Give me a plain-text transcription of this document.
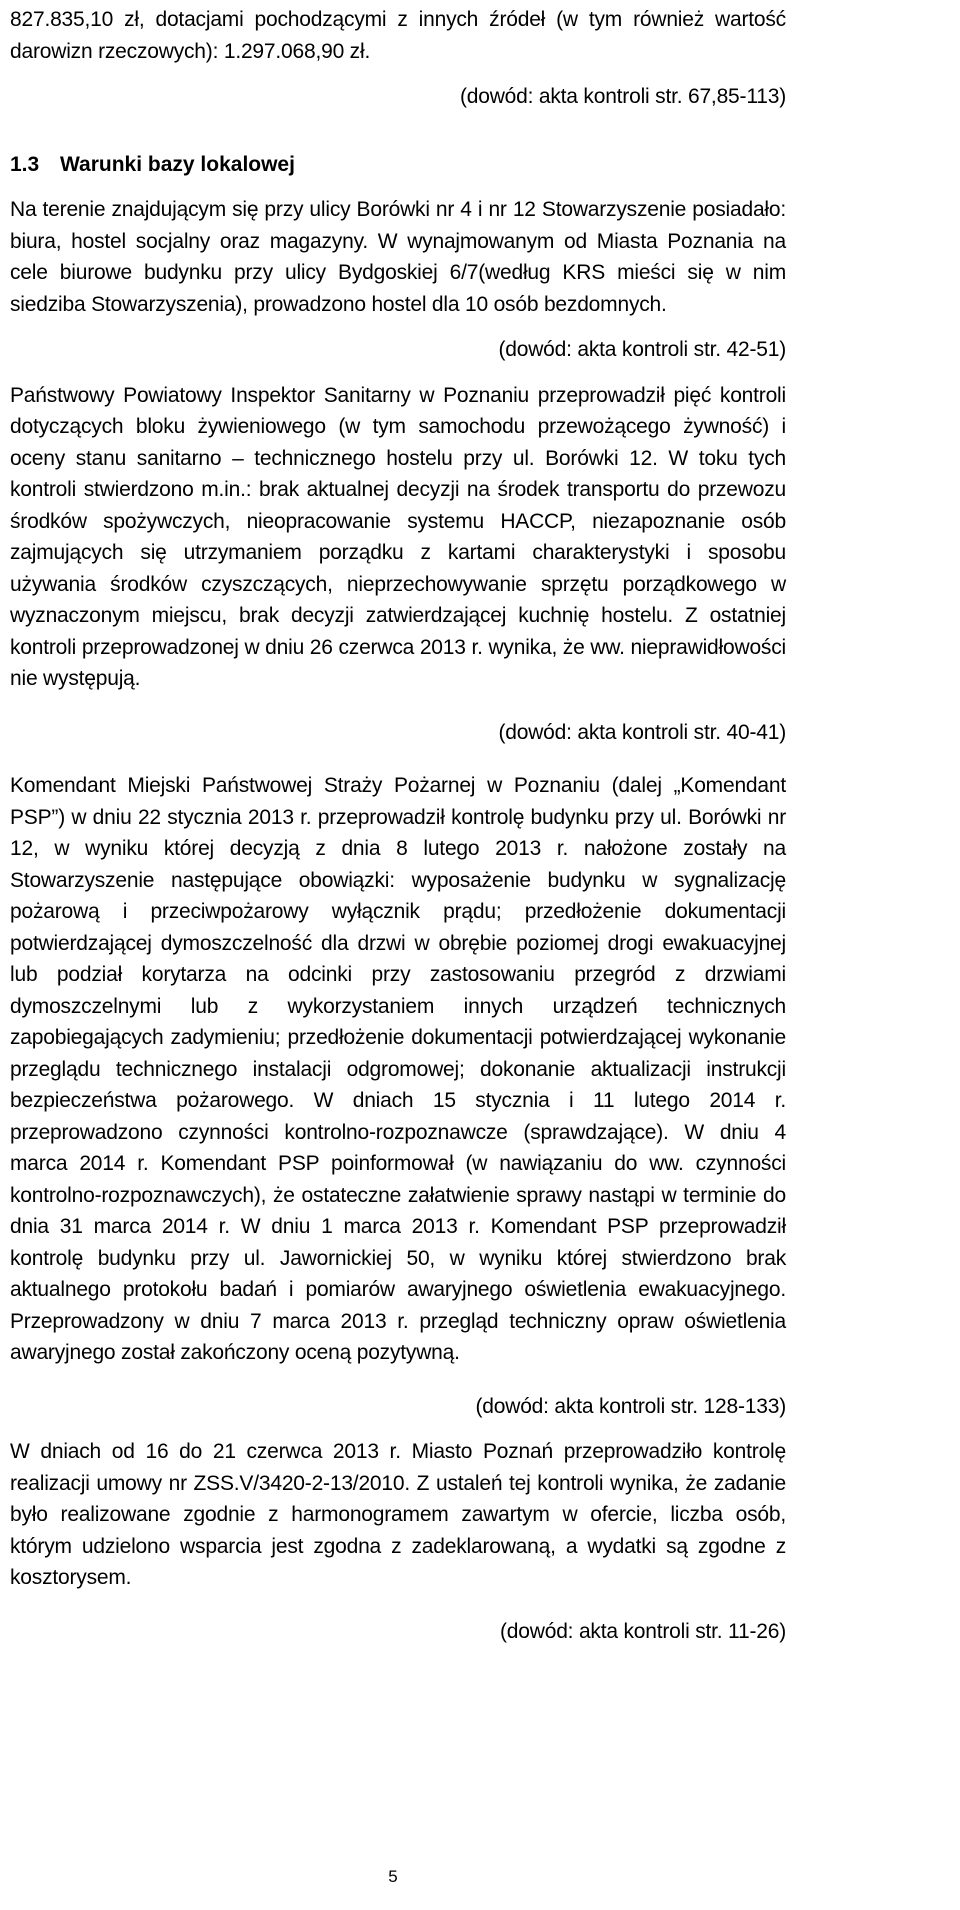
827.835,10 zł, dotacjami pochodzącymi z innych źródeł (w tym również wartość darowizn rzeczowych): 1.297.068,90 zł.

(dowód: akta kontroli str. 67,85-113)

1.3 Warunki bazy lokalowej

Na terenie znajdującym się przy ulicy Borówki nr 4 i nr 12 Stowarzyszenie posiadało: biura, hostel socjalny oraz magazyny. W wynajmowanym od Miasta Poznania na cele biurowe budynku przy ulicy Bydgoskiej 6/7(według KRS mieści się w nim siedziba Stowarzyszenia), prowadzono hostel dla 10 osób bezdomnych.

(dowód: akta kontroli str. 42-51)

Państwowy Powiatowy Inspektor Sanitarny w Poznaniu przeprowadził pięć kontroli dotyczących bloku żywieniowego (w tym samochodu przewożącego żywność) i oceny stanu sanitarno – technicznego hostelu przy ul. Borówki 12. W toku tych kontroli stwierdzono m.in.: brak aktualnej decyzji na środek transportu do przewozu środków spożywczych, nieopracowanie systemu HACCP, niezapoznanie osób zajmujących się utrzymaniem porządku z kartami charakterystyki i sposobu używania środków czyszczących, nieprzechowywanie sprzętu porządkowego w wyznaczonym miejscu, brak decyzji zatwierdzającej kuchnię hostelu. Z ostatniej kontroli przeprowadzonej w dniu 26 czerwca 2013 r. wynika, że ww. nieprawidłowości nie występują.

(dowód: akta kontroli str. 40-41)

Komendant Miejski Państwowej Straży Pożarnej w Poznaniu (dalej „Komendant PSP”) w dniu 22 stycznia 2013 r. przeprowadził kontrolę budynku przy ul. Borówki nr 12, w wyniku której decyzją z dnia 8 lutego 2013 r. nałożone zostały na Stowarzyszenie następujące obowiązki: wyposażenie budynku w sygnalizację pożarową i przeciwpożarowy wyłącznik prądu; przedłożenie dokumentacji potwierdzającej dymoszczelność dla drzwi w obrębie poziomej drogi ewakuacyjnej lub podział korytarza na odcinki przy zastosowaniu przegród z drzwiami dymoszczelnymi lub z wykorzystaniem innych urządzeń technicznych zapobiegających zadymieniu; przedłożenie dokumentacji potwierdzającej wykonanie przeglądu technicznego instalacji odgromowej; dokonanie aktualizacji instrukcji bezpieczeństwa pożarowego. W dniach 15 stycznia i 11 lutego 2014 r. przeprowadzono czynności kontrolno-rozpoznawcze (sprawdzające). W dniu 4 marca 2014 r. Komendant PSP poinformował (w nawiązaniu do ww. czynności kontrolno-rozpoznawczych), że ostateczne załatwienie sprawy nastąpi w terminie do dnia 31 marca 2014 r. W dniu 1 marca 2013 r. Komendant PSP przeprowadził kontrolę budynku przy ul. Jawornickiej 50, w wyniku której stwierdzono brak aktualnego protokołu badań i pomiarów awaryjnego oświetlenia ewakuacyjnego. Przeprowadzony w dniu 7 marca 2013 r. przegląd techniczny opraw oświetlenia awaryjnego został zakończony oceną pozytywną.

(dowód: akta kontroli str. 128-133)

W dniach od 16 do 21 czerwca 2013 r. Miasto Poznań przeprowadziło kontrolę realizacji umowy nr ZSS.V/3420-2-13/2010. Z ustaleń tej kontroli wynika, że zadanie było realizowane zgodnie z harmonogramem zawartym w ofercie, liczba osób, którym udzielono wsparcia jest zgodna z zadeklarowaną, a wydatki są zgodne z kosztorysem.

(dowód: akta kontroli str. 11-26)

5
